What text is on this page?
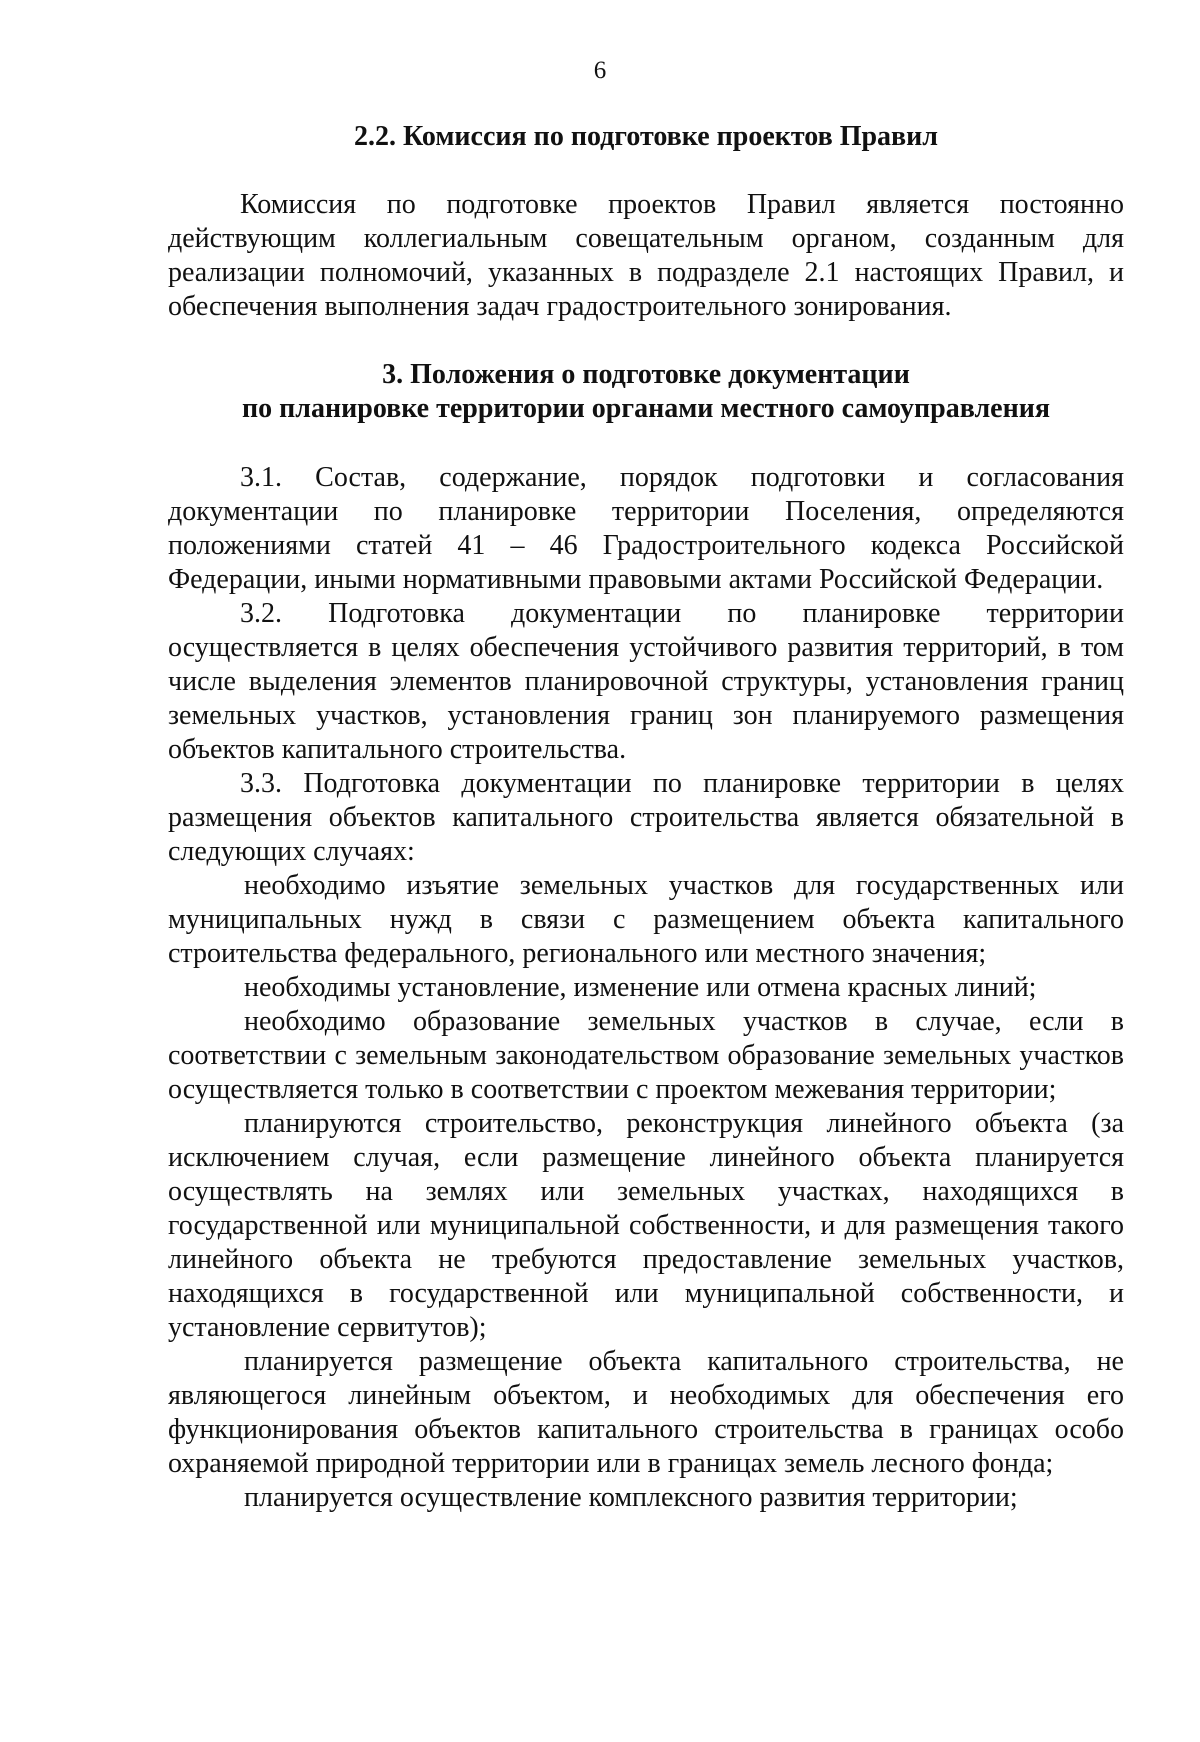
6
2.2. Комиссия по подготовке проектов Правил

Комиссия по подготовке проектов Правил является постоянно действующим коллегиальным совещательным органом, созданным для реализации полномочий, указанных в подразделе 2.1 настоящих Правил, и обеспечения выполнения задач градостроительного зонирования.

3. Положения о подготовке документации
по планировке территории органами местного самоуправления

3.1. Состав, содержание, порядок подготовки и согласования документации по планировке территории Поселения, определяются положениями статей 41 – 46 Градостроительного кодекса Российской Федерации, иными нормативными правовыми актами Российской Федерации.

3.2. Подготовка документации по планировке территории осуществляется в целях обеспечения устойчивого развития территорий, в том числе выделения элементов планировочной структуры, установления границ земельных участков, установления границ зон планируемого размещения объектов капитального строительства.

3.3. Подготовка документации по планировке территории в целях размещения объектов капитального строительства является обязательной в следующих случаях:

необходимо изъятие земельных участков для государственных или муниципальных нужд в связи с размещением объекта капитального строительства федерального, регионального или местного значения;

необходимы установление, изменение или отмена красных линий;

необходимо образование земельных участков в случае, если в соответствии с земельным законодательством образование земельных участков осуществляется только в соответствии с проектом межевания территории;

планируются строительство, реконструкция линейного объекта (за исключением случая, если размещение линейного объекта планируется осуществлять на землях или земельных участках, находящихся в государственной или муниципальной собственности, и для размещения такого линейного объекта не требуются предоставление земельных участков, находящихся в государственной или муниципальной собственности, и установление сервитутов);

планируется размещение объекта капитального строительства, не являющегося линейным объектом, и необходимых для обеспечения его функционирования объектов капитального строительства в границах особо охраняемой природной территории или в границах земель лесного фонда;

планируется осуществление комплексного развития территории;
